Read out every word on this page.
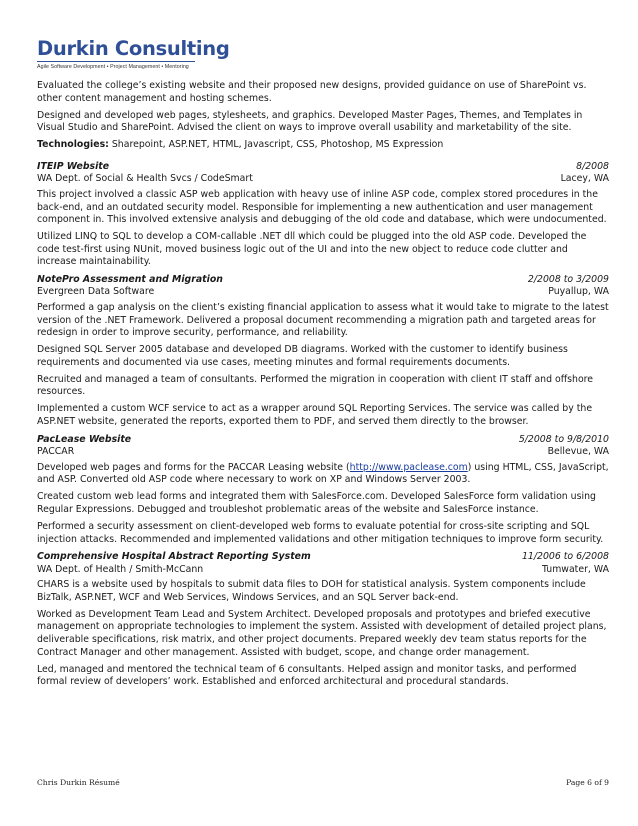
Durkin Consulting
Agile Software Development • Project Management • Mentoring

Evaluated the college’s existing website and their proposed new designs, provided guidance on use of SharePoint vs. other content management and hosting schemes.

Designed and developed web pages, stylesheets, and graphics. Developed Master Pages, Themes, and Templates in Visual Studio and SharePoint. Advised the client on ways to improve overall usability and marketability of the site.

Technologies: Sharepoint, ASP.NET, HTML, Javascript, CSS, Photoshop, MS Expression

ITEIP Website	8/2008
WA Dept. of Social & Health Svcs / CodeSmart	Lacey, WA

This project involved a classic ASP web application with heavy use of inline ASP code, complex stored procedures in the back-end, and an outdated security model. Responsible for implementing a new authentication and user management component in. This involved extensive analysis and debugging of the old code and database, which were undocumented.

Utilized LINQ to SQL to develop a COM-callable .NET dll which could be plugged into the old ASP code. Developed the code test-first using NUnit, moved business logic out of the UI and into the new object to reduce code clutter and increase maintainability.

NotePro Assessment and Migration	2/2008 to 3/2009
Evergreen Data Software	Puyallup, WA

Performed a gap analysis on the client’s existing financial application to assess what it would take to migrate to the latest version of the .NET Framework. Delivered a proposal document recommending a migration path and targeted areas for redesign in order to improve security, performance, and reliability.

Designed SQL Server 2005 database and developed DB diagrams. Worked with the customer to identify business requirements and documented via use cases, meeting minutes and formal requirements documents.

Recruited and managed a team of consultants. Performed the migration in cooperation with client IT staff and offshore resources.

Implemented a custom WCF service to act as a wrapper around SQL Reporting Services. The service was called by the ASP.NET website, generated the reports, exported them to PDF, and served them directly to the browser.

PacLease Website	5/2008 to 9/8/2010
PACCAR	Bellevue, WA

Developed web pages and forms for the PACCAR Leasing website (http://www.paclease.com) using HTML, CSS, JavaScript, and ASP. Converted old ASP code where necessary to work on XP and Windows Server 2003.

Created custom web lead forms and integrated them with SalesForce.com. Developed SalesForce form validation using Regular Expressions. Debugged and troubleshot problematic areas of the website and SalesForce instance.

Performed a security assessment on client-developed web forms to evaluate potential for cross-site scripting and SQL injection attacks. Recommended and implemented validations and other mitigation techniques to improve form security.

Comprehensive Hospital Abstract Reporting System	11/2006 to 6/2008
WA Dept. of Health / Smith-McCann	Tumwater, WA

CHARS is a website used by hospitals to submit data files to DOH for statistical analysis. System components include BizTalk, ASP.NET, WCF and Web Services, Windows Services, and an SQL Server back-end.

Worked as Development Team Lead and System Architect. Developed proposals and prototypes and briefed executive management on appropriate technologies to implement the system. Assisted with development of detailed project plans, deliverable specifications, risk matrix, and other project documents. Prepared weekly dev team status reports for the Contract Manager and other management. Assisted with budget, scope, and change order management.

Led, managed and mentored the technical team of 6 consultants. Helped assign and monitor tasks, and performed formal review of developers’ work. Established and enforced architectural and procedural standards.

Chris Durkin Résumé	Page 6 of 9
